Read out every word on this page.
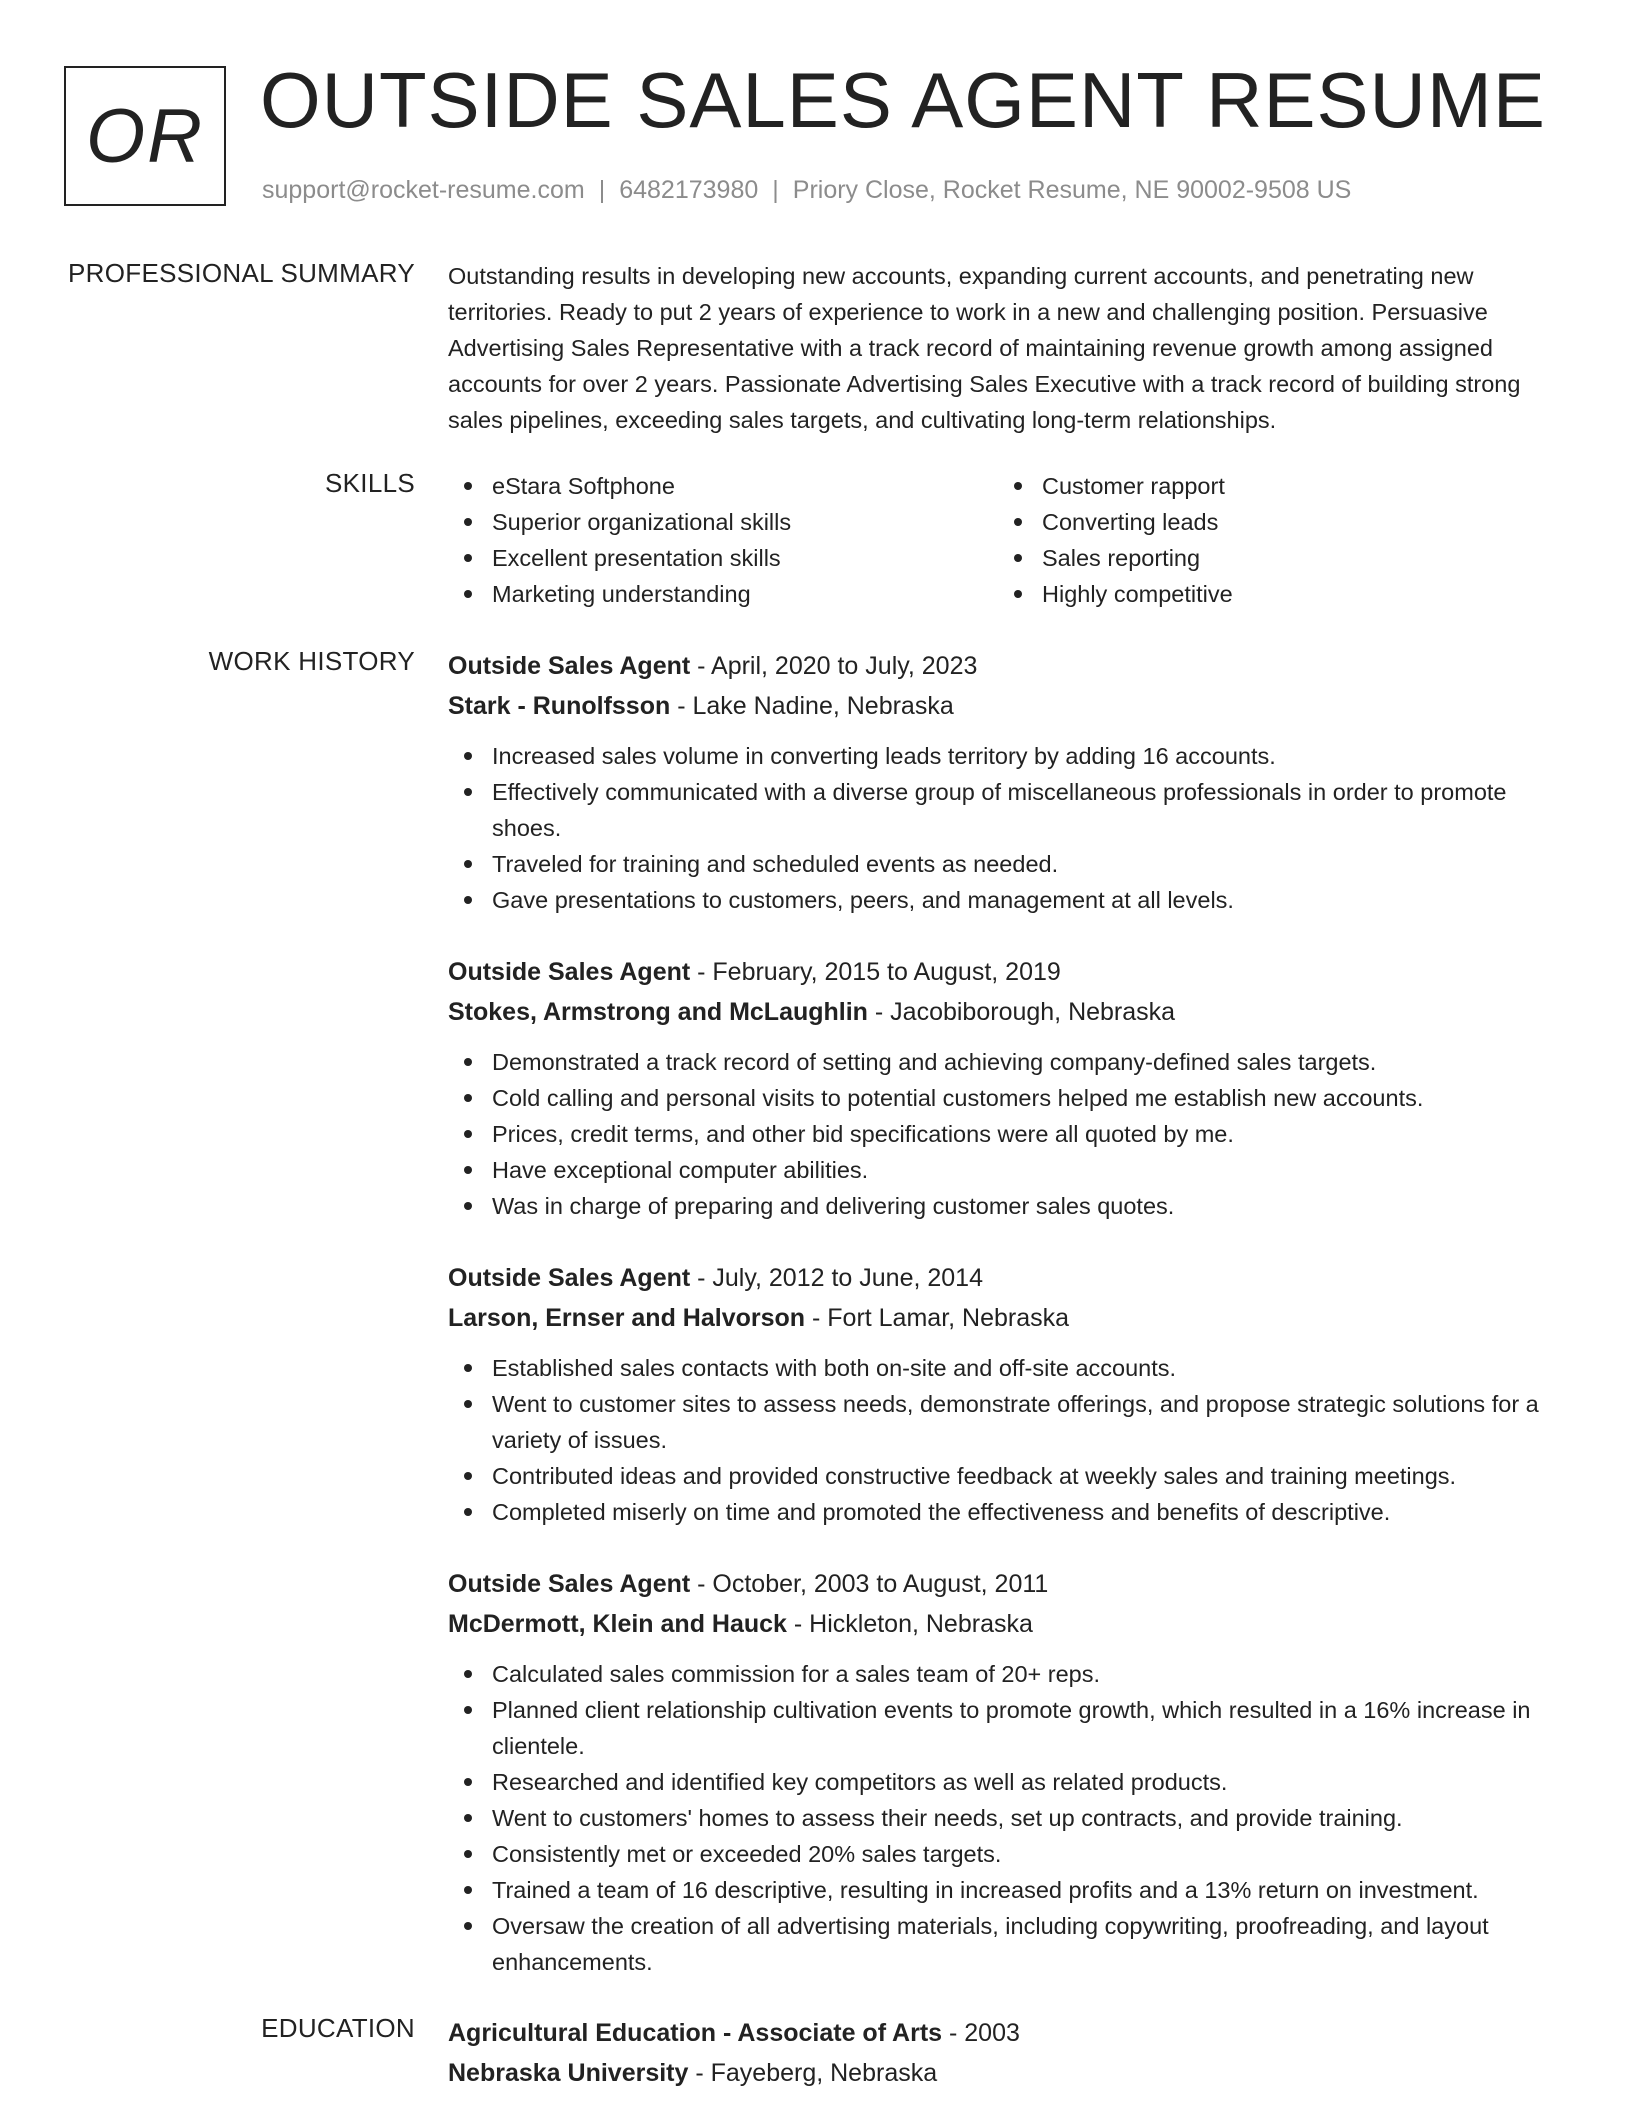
OR OUTSIDE SALES AGENT RESUME
support@rocket-resume.com | 6482173980 | Priory Close, Rocket Resume, NE 90002-9508 US
PROFESSIONAL SUMMARY Outstanding results in developing new accounts, expanding current accounts, and penetrating new territories. Ready to put 2 years of experience to work in a new and challenging position. Persuasive Advertising Sales Representative with a track record of maintaining revenue growth among assigned accounts for over 2 years. Passionate Advertising Sales Executive with a track record of building strong sales pipelines, exceeding sales targets, and cultivating long-term relationships.

SKILLS	eStara Softphone	Customer rapport
Superior organizational skills	Converting leads
Excellent presentation skills	Sales reporting
Marketing understanding	Highly competitive
WORK HISTORY Outside Sales Agent - April, 2020 to July, 2023
Stark - Runolfsson - Lake Nadine, Nebraska
Increased sales volume in converting leads territory by adding 16 accounts.
Effectively communicated with a diverse group of miscellaneous professionals in order to promote shoes.
Traveled for training and scheduled events as needed.
Gave presentations to customers, peers, and management at all levels.
Outside Sales Agent - February, 2015 to August, 2019
Stokes, Armstrong and McLaughlin - Jacobiborough, Nebraska
Demonstrated a track record of setting and achieving company-defined sales targets.
Cold calling and personal visits to potential customers helped me establish new accounts.
Prices, credit terms, and other bid specifications were all quoted by me.
Have exceptional computer abilities.
Was in charge of preparing and delivering customer sales quotes.
Outside Sales Agent - July, 2012 to June, 2014
Larson, Ernser and Halvorson - Fort Lamar, Nebraska
Established sales contacts with both on-site and off-site accounts.
Went to customer sites to assess needs, demonstrate offerings, and propose strategic solutions for a variety of issues.
Contributed ideas and provided constructive feedback at weekly sales and training meetings.
Completed miserly on time and promoted the effectiveness and benefits of descriptive.
Outside Sales Agent - October, 2003 to August, 2011
McDermott, Klein and Hauck - Hickleton, Nebraska
Calculated sales commission for a sales team of 20+ reps.
Planned client relationship cultivation events to promote growth, which resulted in a 16% increase in clientele.
Researched and identified key competitors as well as related products.
Went to customers' homes to assess their needs, set up contracts, and provide training.
Consistently met or exceeded 20% sales targets.
Trained a team of 16 descriptive, resulting in increased profits and a 13% return on investment.
Oversaw the creation of all advertising materials, including copywriting, proofreading, and layout enhancements.
EDUCATION Agricultural Education - Associate of Arts - 2003
Nebraska University - Fayeberg, Nebraska
